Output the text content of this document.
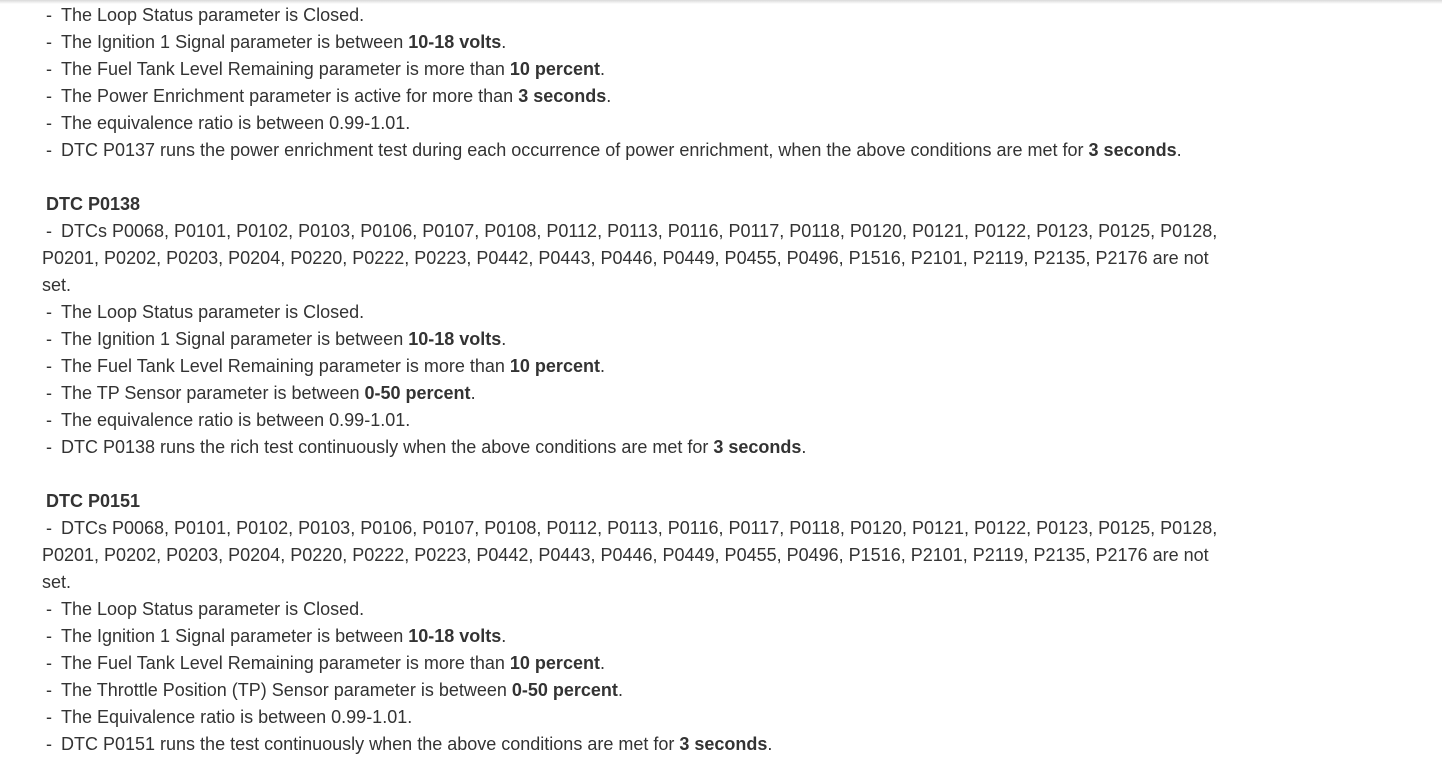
- The Loop Status parameter is Closed.
- The Ignition 1 Signal parameter is between 10-18 volts.
- The Fuel Tank Level Remaining parameter is more than 10 percent.
- The Power Enrichment parameter is active for more than 3 seconds.
- The equivalence ratio is between 0.99-1.01.
- DTC P0137 runs the power enrichment test during each occurrence of power enrichment, when the above conditions are met for 3 seconds.
DTC P0138
- DTCs P0068, P0101, P0102, P0103, P0106, P0107, P0108, P0112, P0113, P0116, P0117, P0118, P0120, P0121, P0122, P0123, P0125, P0128,
P0201, P0202, P0203, P0204, P0220, P0222, P0223, P0442, P0443, P0446, P0449, P0455, P0496, P1516, P2101, P2119, P2135, P2176 are not
set.
- The Loop Status parameter is Closed.
- The Ignition 1 Signal parameter is between 10-18 volts.
- The Fuel Tank Level Remaining parameter is more than 10 percent.
- The TP Sensor parameter is between 0-50 percent.
- The equivalence ratio is between 0.99-1.01.
- DTC P0138 runs the rich test continuously when the above conditions are met for 3 seconds.
DTC P0151
- DTCs P0068, P0101, P0102, P0103, P0106, P0107, P0108, P0112, P0113, P0116, P0117, P0118, P0120, P0121, P0122, P0123, P0125, P0128,
P0201, P0202, P0203, P0204, P0220, P0222, P0223, P0442, P0443, P0446, P0449, P0455, P0496, P1516, P2101, P2119, P2135, P2176 are not
set.
- The Loop Status parameter is Closed.
- The Ignition 1 Signal parameter is between 10-18 volts.
- The Fuel Tank Level Remaining parameter is more than 10 percent.
- The Throttle Position (TP) Sensor parameter is between 0-50 percent.
- The Equivalence ratio is between 0.99-1.01.
- DTC P0151 runs the test continuously when the above conditions are met for 3 seconds.
